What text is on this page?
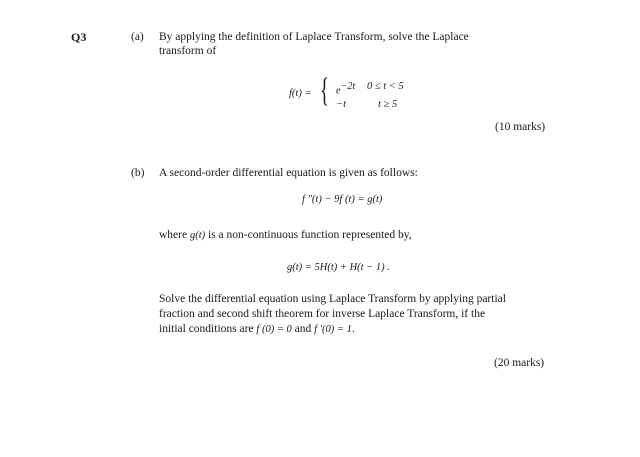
Q3	(a) By applying the definition of Laplace Transform, solve the Laplace
transform of
f(t) = { $e^{-2t}$ 0 ≤ t < 5
−t	t ≥ 5
(10 marks)
(b) A second-order differential equation is given as follows:
f ″(t) − 9f (t) = g(t)
where g(t) is a non-continuous function represented by,
g(t) = 5H(t) + H(t − 1) .
Solve the differential equation using Laplace Transform by applying partial
fraction and second shift theorem for inverse Laplace Transform, if the
initial conditions are f (0) = 0 and f ′(0) = 1.
(20 marks)
